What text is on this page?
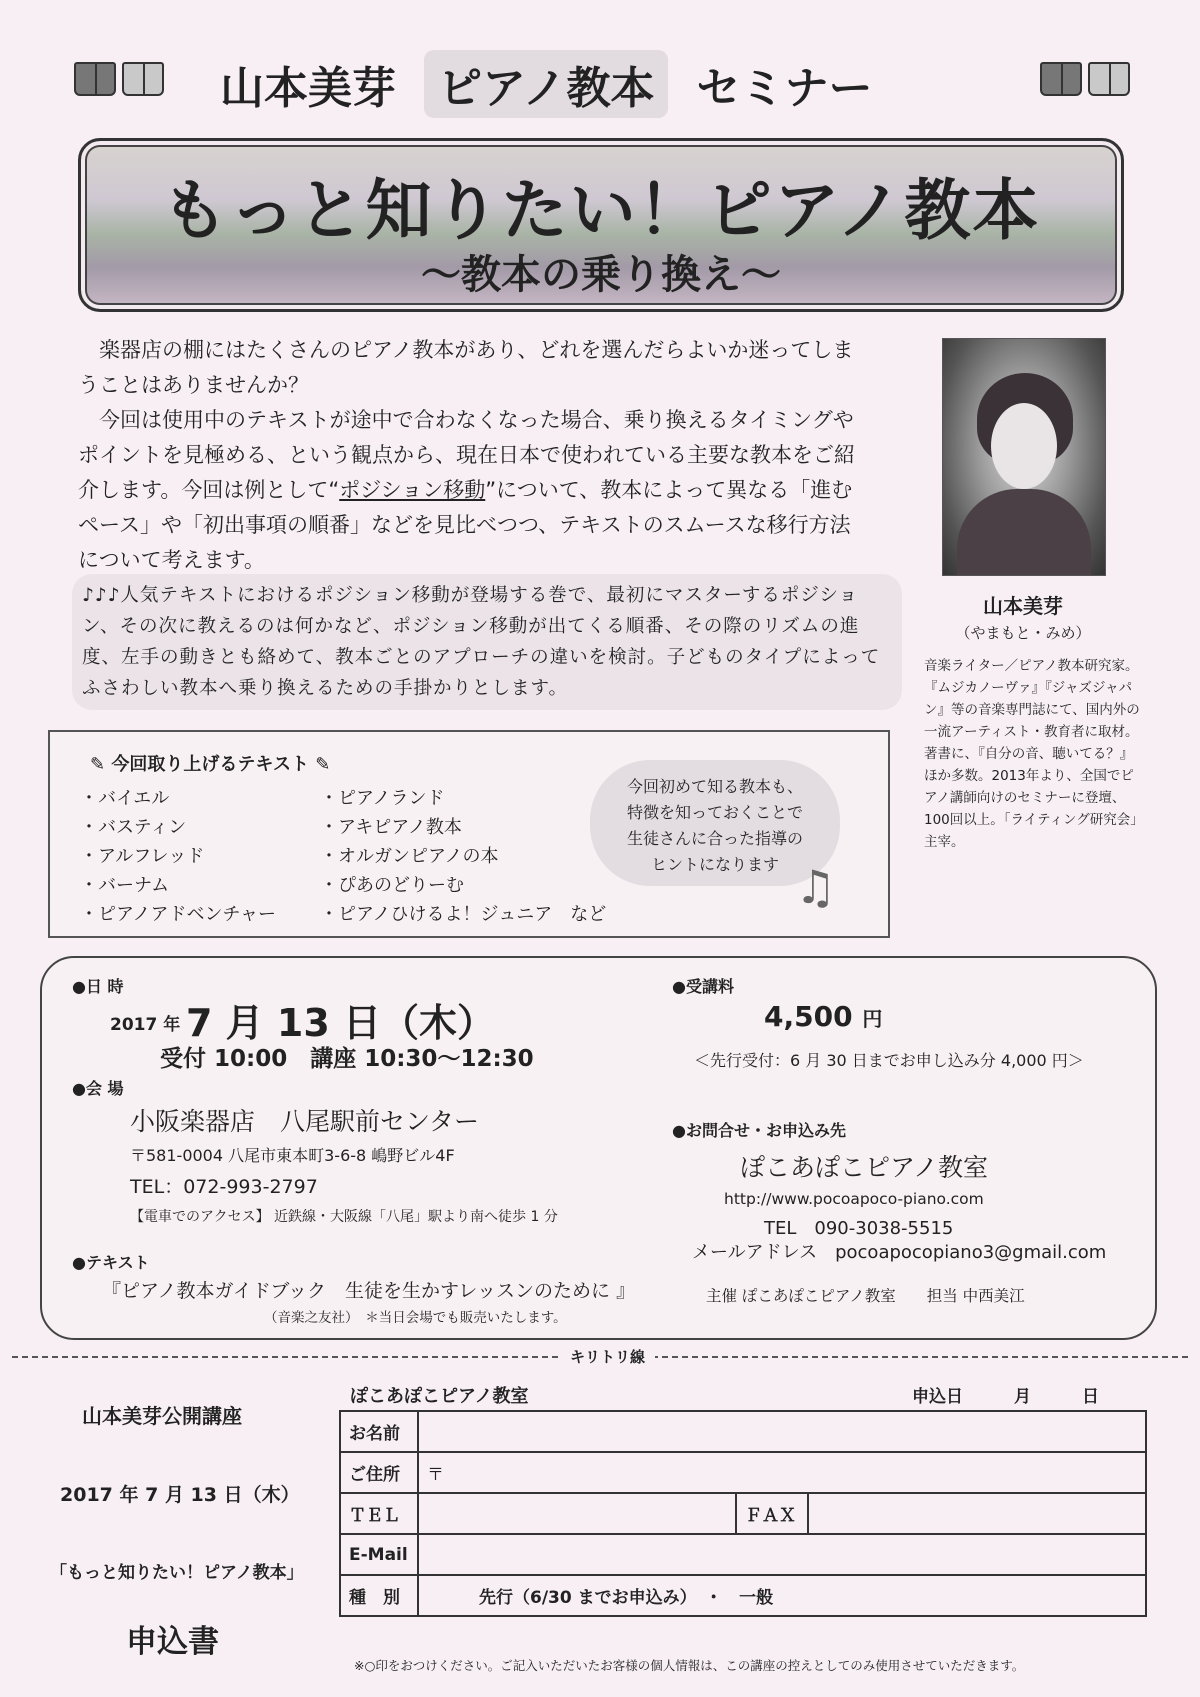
山本美芽 ピアノ教本 セミナー
もっと知りたい！ピアノ教本
〜教本の乗り換え〜

楽器店の棚にはたくさんのピアノ教本があり、どれを選んだらよいか迷ってしまうことはありませんか？

今回は使用中のテキストが途中で合わなくなった場合、乗り換えるタイミングやポイントを見極める、という観点から、現在日本で使われている主要な教本をご紹介します。今回は例として“ポジション移動”について、教本によって異なる「進むペース」や「初出事項の順番」などを見比べつつ、テキストのスムースな移行方法について考えます。

山本美芽
（やまもと・みめ）
音楽ライター／ピアノ教本研究家。『ムジカノーヴァ』『ジャズジャパン』等の音楽専門誌にて、国内外の一流アーティスト・教育者に取材。著書に、『自分の音、聴いてる？』ほか多数。2013年より、全国でピアノ講師向けのセミナーに登壇、100回以上。「ライティング研究会」主宰。
♪♪♪人気テキストにおけるポジション移動が登場する巻で、最初にマスターするポジション、その次に教えるのは何かなど、ポジション移動が出てくる順番、その際のリズムの進度、左手の動きとも絡めて、教本ごとのアプローチの違いを検討。子どものタイプによってふさわしい教本へ乗り換えるための手掛かりとします。
✎ 今回取り上げるテキスト ✎
・バイエル
・バスティン
・アルフレッド
・バーナム
・ピアノアドベンチャー
・ピアノランド
・アキピアノ教本
・オルガンピアノの本
・ぴあのどりーむ
・ピアノひけるよ！ジュニア　など
今回初めて知る教本も、
特徴を知っておくことで
生徒さんに合った指導の
ヒントになります ♫
●日 時
2017 年 7 月 13 日（木）
受付 10:00　講座 10:30〜12:30
●会 場
小阪楽器店　八尾駅前センター
〒581-0004 八尾市東本町3-6-8 嶋野ビル4F
TEL：072-993-2797
【電車でのアクセス】 近鉄線・大阪線「八尾」駅より南へ徒歩 1 分
●テキスト
『ピアノ教本ガイドブック　生徒を生かすレッスンのために 』
（音楽之友社）　＊当日会場でも販売いたします。
●受講料
4,500 円
＜先行受付：6 月 30 日までお申し込み分 4,000 円＞
●お問合せ・お申込み先
ぽこあぽこピアノ教室
http://www.pocoapoco-piano.com
TEL　090-3038-5515
メールアドレス　pocoapocopiano3@gmail.com
主催 ぽこあぽこピアノ教室　　担当 中西美江
キリトリ線
山本美芽公開講座
2017 年 7 月 13 日（木）
「もっと知りたい！ピアノ教本」
申込書
ぽこあぽこピアノ教室	申込日　　　月　　　日
お名前			
ご住所	〒		
ＴＥＬ		ＦＡＸ	
E-Mail			
種　別	先行（6/30 までお申込み）　・　一般		
※○印をおつけください。ご記入いただいたお客様の個人情報は、この講座の控えとしてのみ使用させていただきます。
